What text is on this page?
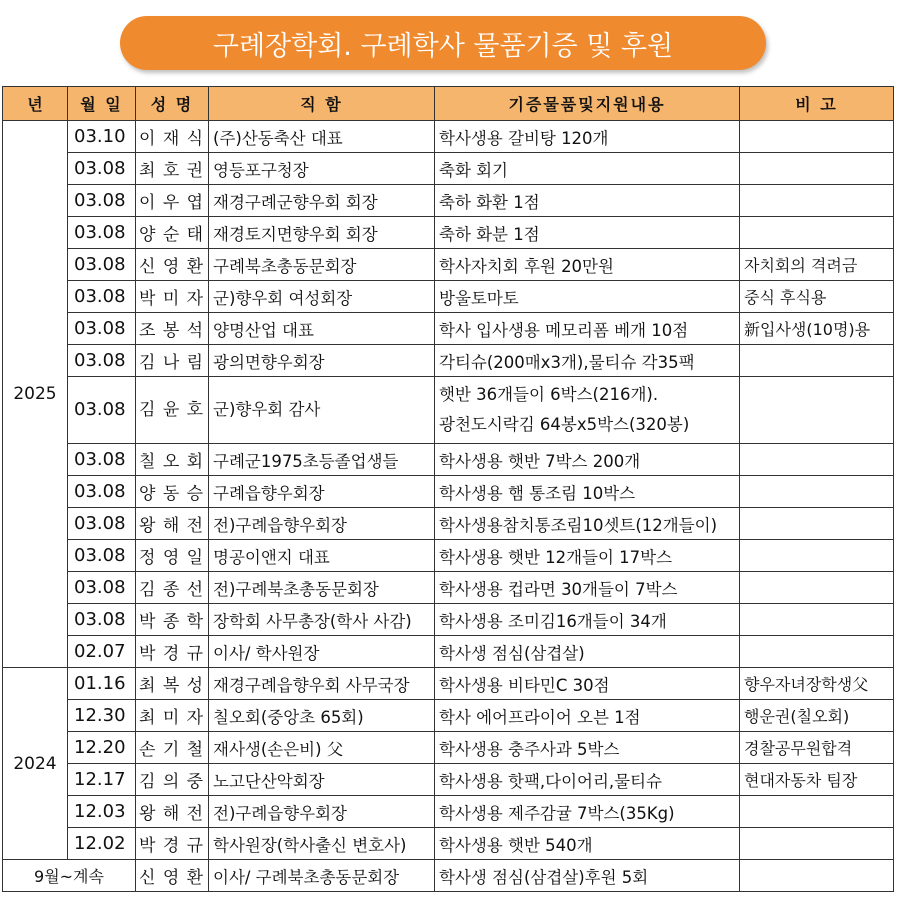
구례장학회. 구례학사 물품기증 및 후원
년	월 일	성 명	직 함	기증물품및지원내용	비 고
2025	03.10	이 재 식	(주)산동축산 대표	학사생용 갈비탕 120개	
	03.08	최 호 권	영등포구청장	축화 회기	
	03.08	이 우 엽	재경구례군향우회 회장	축하 화환 1점	
	03.08	양 순 태	재경토지면향우회 회장	축하 화분 1점	
	03.08	신 영 환	구례북초총동문회장	학사자치회 후원 20만원	자치회의 격려금
	03.08	박 미 자	군)향우회 여성회장	방울토마토	중식 후식용
	03.08	조 봉 석	양명산업 대표	학사 입사생용 메모리폼 베개 10점	新입사생(10명)용
	03.08	김 나 림	광의면향우회장	각티슈(200매x3개),물티슈 각35팩	
	03.08	김 윤 호	군)향우회 감사	햇반 36개들이 6박스(216개).
광천도시락김 64봉x5박스(320봉)	

	03.08	칠 오 회	구례군1975초등졸업생들	학사생용 햇반 7박스 200개	
	03.08	양 동 승	구례읍향우회장	학사생용 햄 통조림 10박스	
	03.08	왕 해 전	전)구례읍향우회장	학사생용참치통조림10셋트(12개들이)	
	03.08	정 영 일	명공이앤지 대표	학사생용 햇반 12개들이 17박스	
	03.08	김 종 선	전)구례북초총동문회장	학사생용 컵라면 30개들이 7박스	
	03.08	박 종 학	장학회 사무총장(학사 사감)	학사생용 조미김16개들이 34개	
	02.07	박 경 규	이사/ 학사원장	학사생 점심(삼겹살)	
2024	01.16	최 복 성	재경구례읍향우회 사무국장	학사생용 비타민C 30점	향우자녀장학생父
	12.30	최 미 자	칠오회(중앙초 65회)	학사 에어프라이어 오븐 1점	행운권(칠오회)
	12.20	손 기 철	재사생(손은비) 父	학사생용 충주사과 5박스	경찰공무원합격
	12.17	김 의 중	노고단산악회장	학사생용 핫팩,다이어리,물티슈	현대자동차 팀장
	12.03	왕 해 전	전)구례읍향우회장	학사생용 제주감귤 7박스(35Kg)	
	12.02	박 경 규	학사원장(학사출신 변호사)	학사생용 햇반 540개	
9월~계속		신 영 환	이사/ 구례북초총동문회장	학사생 점심(삼겹살)후원 5회	
